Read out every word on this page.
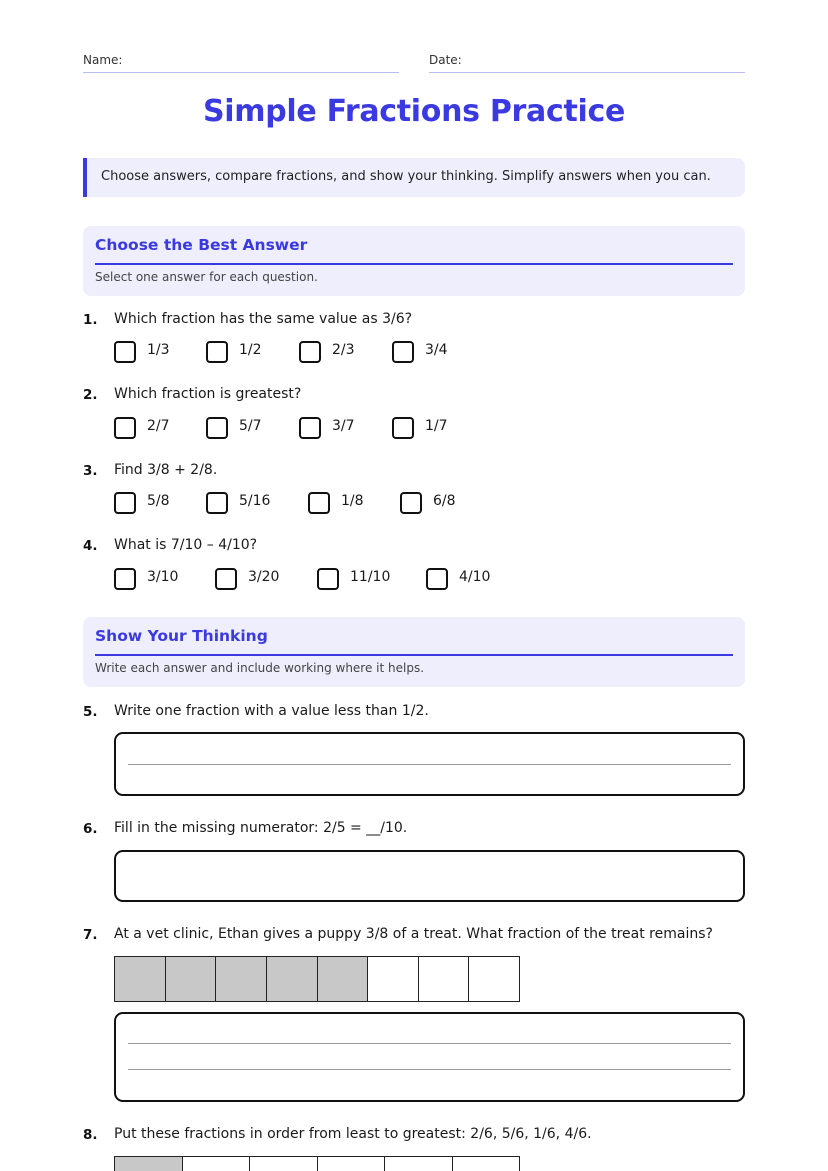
Name:	Date:
Simple Fractions Practice
Choose answers, compare fractions, and show your thinking. Simplify answers when you can.
Choose the Best Answer
Select one answer for each question.
1. Which fraction has the same value as 3/6?
1/3	1/2	2/3	3/4
2. Which fraction is greatest?
2/7	5/7	3/7	1/7
3. Find 3/8 + 2/8.
5/8	5/16	1/8	6/8
4. What is 7/10 – 4/10?
3/10	3/20	11/10	4/10
Show Your Thinking
Write each answer and include working where it helps.
5. Write one fraction with a value less than 1/2.
6. Fill in the missing numerator: 2/5 = __/10.
7. At a vet clinic, Ethan gives a puppy 3/8 of a treat. What fraction of the treat remains?
8. Put these fractions in order from least to greatest: 2/6, 5/6, 1/6, 4/6.
